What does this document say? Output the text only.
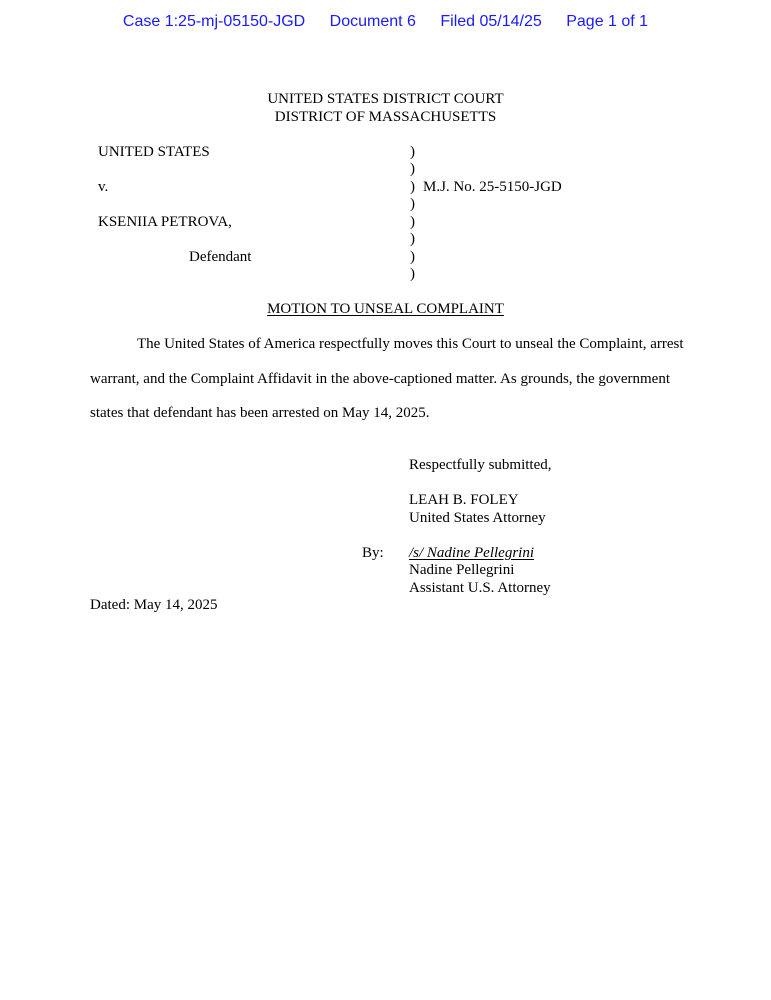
Case 1:25-mj-05150-JGD Document 6 Filed 05/14/25 Page 1 of 1
UNITED STATES DISTRICT COURT
DISTRICT OF MASSACHUSETTS
UNITED STATES
v.
KSENIIA PETROVA,
Defendant
)
)
)
)
)
)
)
)
M.J. No. 25-5150-JGD
MOTION TO UNSEAL COMPLAINT
The United States of America respectfully moves this Court to unseal the Complaint, arrest
warrant, and the Complaint Affidavit in the above-captioned matter. As grounds, the government
states that defendant has been arrested on May 14, 2025.
Respectfully submitted,
LEAH B. FOLEY
United States Attorney
By: /s/ Nadine Pellegrini
Nadine Pellegrini
Assistant U.S. Attorney
Dated: May 14, 2025
